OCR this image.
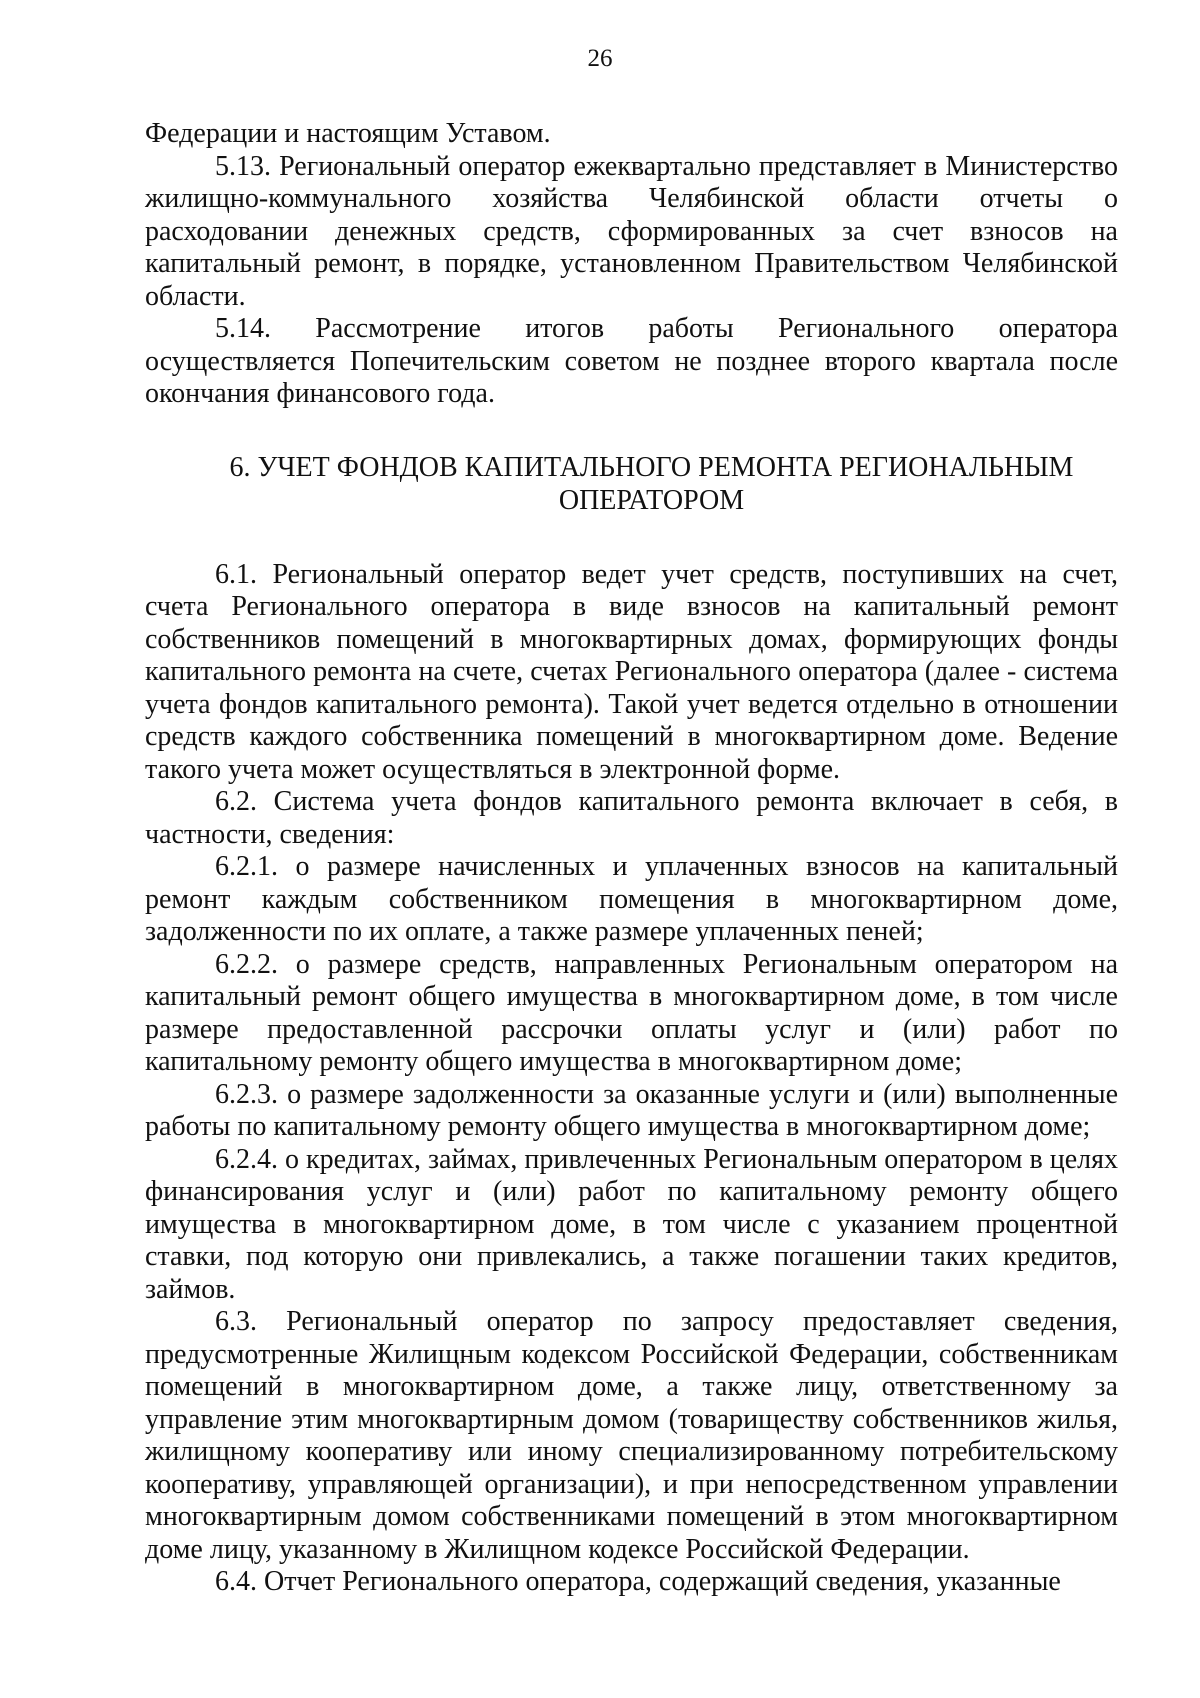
26

Федерации и настоящим Уставом.

5.13. Региональный оператор ежеквартально представляет в Министерство жилищно-коммунального хозяйства Челябинской области отчеты о расходовании денежных средств, сформированных за счет взносов на капитальный ремонт, в порядке, установленном Правительством Челябинской области.

5.14. Рассмотрение итогов работы Регионального оператора осуществляется Попечительским советом не позднее второго квартала после окончания финансового года.

6. УЧЕТ ФОНДОВ КАПИТАЛЬНОГО РЕМОНТА РЕГИОНАЛЬНЫМ

ОПЕРАТОРОМ

6.1. Региональный оператор ведет учет средств, поступивших на счет, счета Регионального оператора в виде взносов на капитальный ремонт собственников помещений в многоквартирных домах, формирующих фонды капитального ремонта на счете, счетах Регионального оператора (далее - система учета фондов капитального ремонта). Такой учет ведется отдельно в отношении средств каждого собственника помещений в многоквартирном доме. Ведение такого учета может осуществляться в электронной форме.

6.2. Система учета фондов капитального ремонта включает в себя, в частности, сведения:

6.2.1. о размере начисленных и уплаченных взносов на капитальный ремонт каждым собственником помещения в многоквартирном доме, задолженности по их оплате, а также размере уплаченных пеней;

6.2.2. о размере средств, направленных Региональным оператором на капитальный ремонт общего имущества в многоквартирном доме, в том числе размере предоставленной рассрочки оплаты услуг и (или) работ по капитальному ремонту общего имущества в многоквартирном доме;

6.2.3. о размере задолженности за оказанные услуги и (или) выполненные работы по капитальному ремонту общего имущества в многоквартирном доме;

6.2.4. о кредитах, займах, привлеченных Региональным оператором в целях финансирования услуг и (или) работ по капитальному ремонту общего имущества в многоквартирном доме, в том числе с указанием процентной ставки, под которую они привлекались, а также погашении таких кредитов, займов.

6.3. Региональный оператор по запросу предоставляет сведения, предусмотренные Жилищным кодексом Российской Федерации, собственникам помещений в многоквартирном доме, а также лицу, ответственному за управление этим многоквартирным домом (товариществу собственников жилья, жилищному кооперативу или иному специализированному потребительскому кооперативу, управляющей организации), и при непосредственном управлении многоквартирным домом собственниками помещений в этом многоквартирном доме лицу, указанному в Жилищном кодексе Российской Федерации.

6.4. Отчет Регионального оператора, содержащий сведения, указанные
